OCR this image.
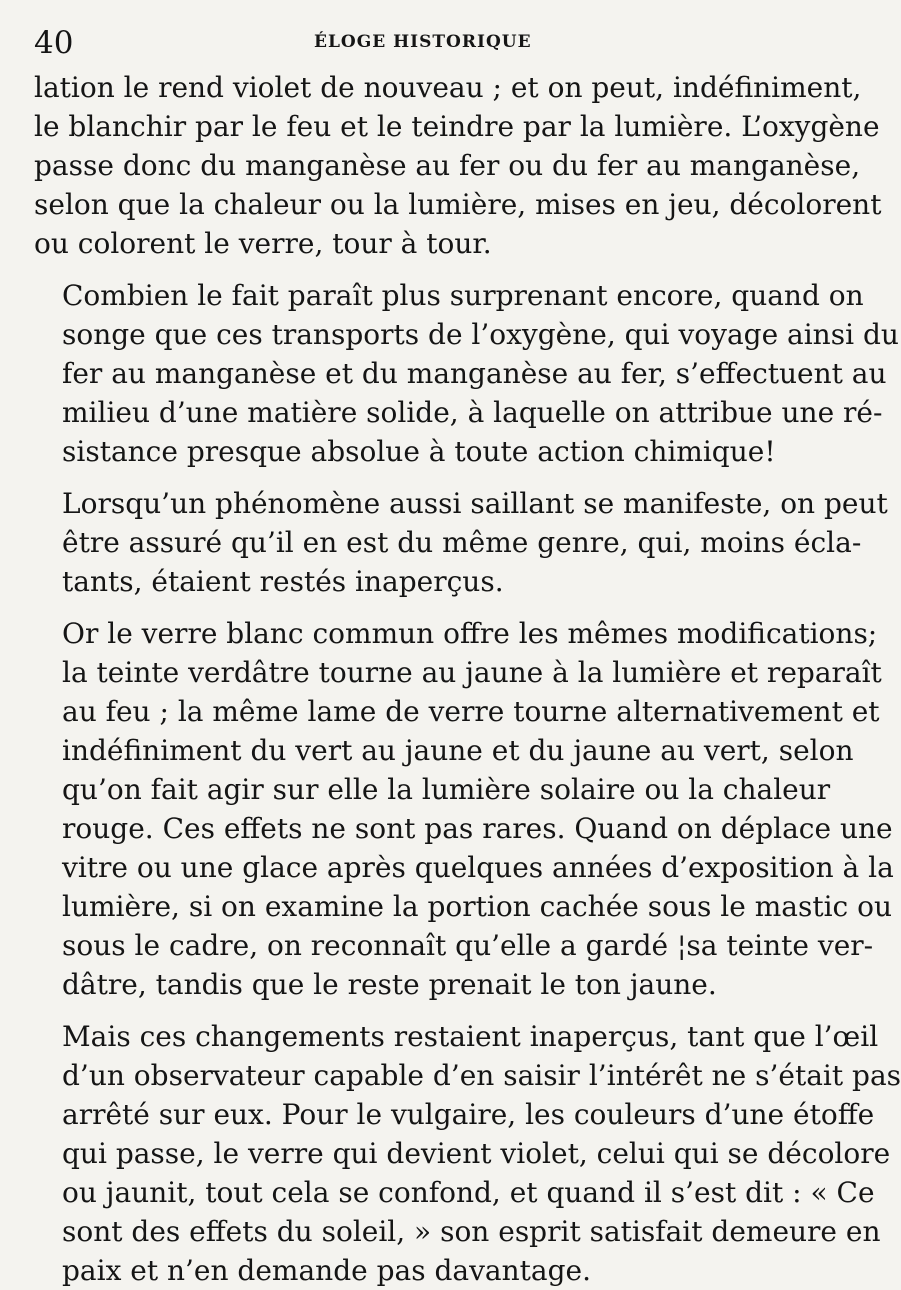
40	ÉLOGE HISTORIQUE
lation le rend violet de nouveau ; et on peut, indéfiniment,
le blanchir par le feu et le teindre par la lumière. L’oxygène
passe donc du manganèse au fer ou du fer au manganèse,
selon que la chaleur ou la lumière, mises en jeu, décolorent
ou colorent le verre, tour à tour.
Combien le fait paraît plus surprenant encore, quand on
songe que ces transports de l’oxygène, qui voyage ainsi du
fer au manganèse et du manganèse au fer, s’effectuent au
milieu d’une matière solide, à laquelle on attribue une ré-
sistance presque absolue à toute action chimique!
Lorsqu’un phénomène aussi saillant se manifeste, on peut
être assuré qu’il en est du même genre, qui, moins écla-
tants, étaient restés inaperçus.
Or le verre blanc commun offre les mêmes modifications;
la teinte verdâtre tourne au jaune à la lumière et reparaît
au feu ; la même lame de verre tourne alternativement et
indéfiniment du vert au jaune et du jaune au vert, selon
qu’on fait agir sur elle la lumière solaire ou la chaleur
rouge. Ces effets ne sont pas rares. Quand on déplace une
vitre ou une glace après quelques années d’exposition à la
lumière, si on examine la portion cachée sous le mastic ou
sous le cadre, on reconnaît qu’elle a gardé ¦sa teinte ver-
dâtre, tandis que le reste prenait le ton jaune.
Mais ces changements restaient inaperçus, tant que l’œil
d’un observateur capable d’en saisir l’intérêt ne s’était pas
arrêté sur eux. Pour le vulgaire, les couleurs d’une étoffe
qui passe, le verre qui devient violet, celui qui se décolore
ou jaunit, tout cela se confond, et quand il s’est dit : « Ce
sont des effets du soleil, » son esprit satisfait demeure en
paix et n’en demande pas davantage.
